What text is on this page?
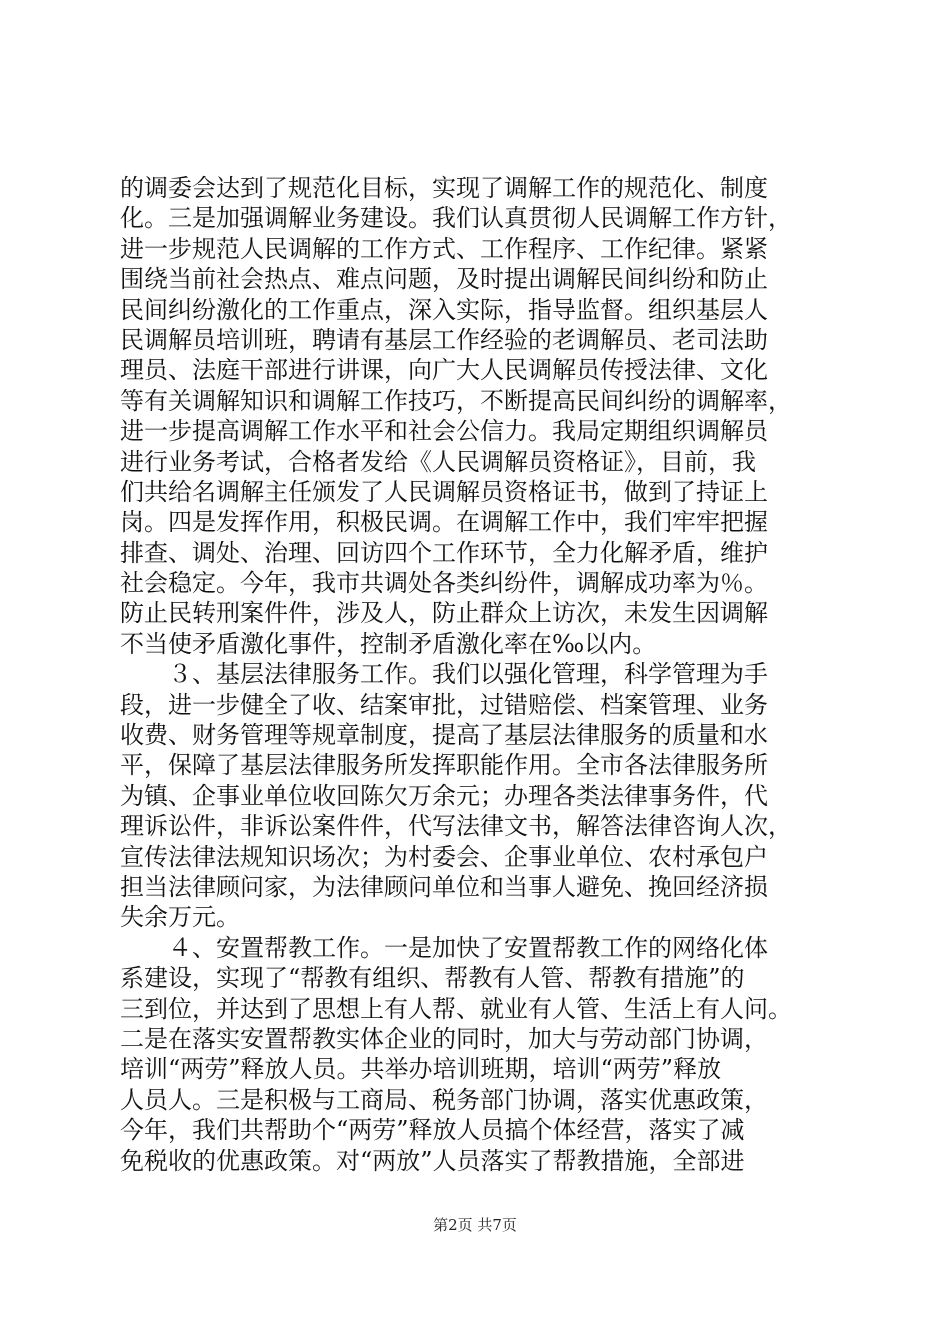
的调委会达到了规范化目标，实现了调解工作的规范化、制度
化。三是加强调解业务建设。我们认真贯彻人民调解工作方针，
进一步规范人民调解的工作方式、工作程序、工作纪律。紧紧
围绕当前社会热点、难点问题，及时提出调解民间纠纷和防止
民间纠纷激化的工作重点，深入实际，指导监督。组织基层人
民调解员培训班，聘请有基层工作经验的老调解员、老司法助
理员、法庭干部进行讲课，向广大人民调解员传授法律、文化
等有关调解知识和调解工作技巧，不断提高民间纠纷的调解率，
进一步提高调解工作水平和社会公信力。我局定期组织调解员
进行业务考试，合格者发给《人民调解员资格证》，目前，我
们共给名调解主任颁发了人民调解员资格证书，做到了持证上
岗。四是发挥作用，积极民调。在调解工作中，我们牢牢把握
排查、调处、治理、回访四个工作环节，全力化解矛盾，维护
社会稳定。今年，我市共调处各类纠纷件，调解成功率为％。
防止民转刑案件件，涉及人，防止群众上访次，未发生因调解
不当使矛盾激化事件，控制矛盾激化率在‰以内。
　　３、基层法律服务工作。我们以强化管理，科学管理为手
段，进一步健全了收、结案审批，过错赔偿、档案管理、业务
收费、财务管理等规章制度，提高了基层法律服务的质量和水
平，保障了基层法律服务所发挥职能作用。全市各法律服务所
为镇、企事业单位收回陈欠万余元；办理各类法律事务件，代
理诉讼件，非诉讼案件件，代写法律文书，解答法律咨询人次，
宣传法律法规知识场次；为村委会、企事业单位、农村承包户
担当法律顾问家，为法律顾问单位和当事人避免、挽回经济损
失余万元。
　　４、安置帮教工作。一是加快了安置帮教工作的网络化体
系建设，实现了“帮教有组织、帮教有人管、帮教有措施”的
三到位，并达到了思想上有人帮、就业有人管、生活上有人问。
二是在落实安置帮教实体企业的同时，加大与劳动部门协调，
培训“两劳”释放人员。共举办培训班期，培训“两劳”释放
人员人。三是积极与工商局、税务部门协调，落实优惠政策，
今年，我们共帮助个“两劳”释放人员搞个体经营，落实了减
免税收的优惠政策。对“两放”人员落实了帮教措施，全部进
第2页 共7页
